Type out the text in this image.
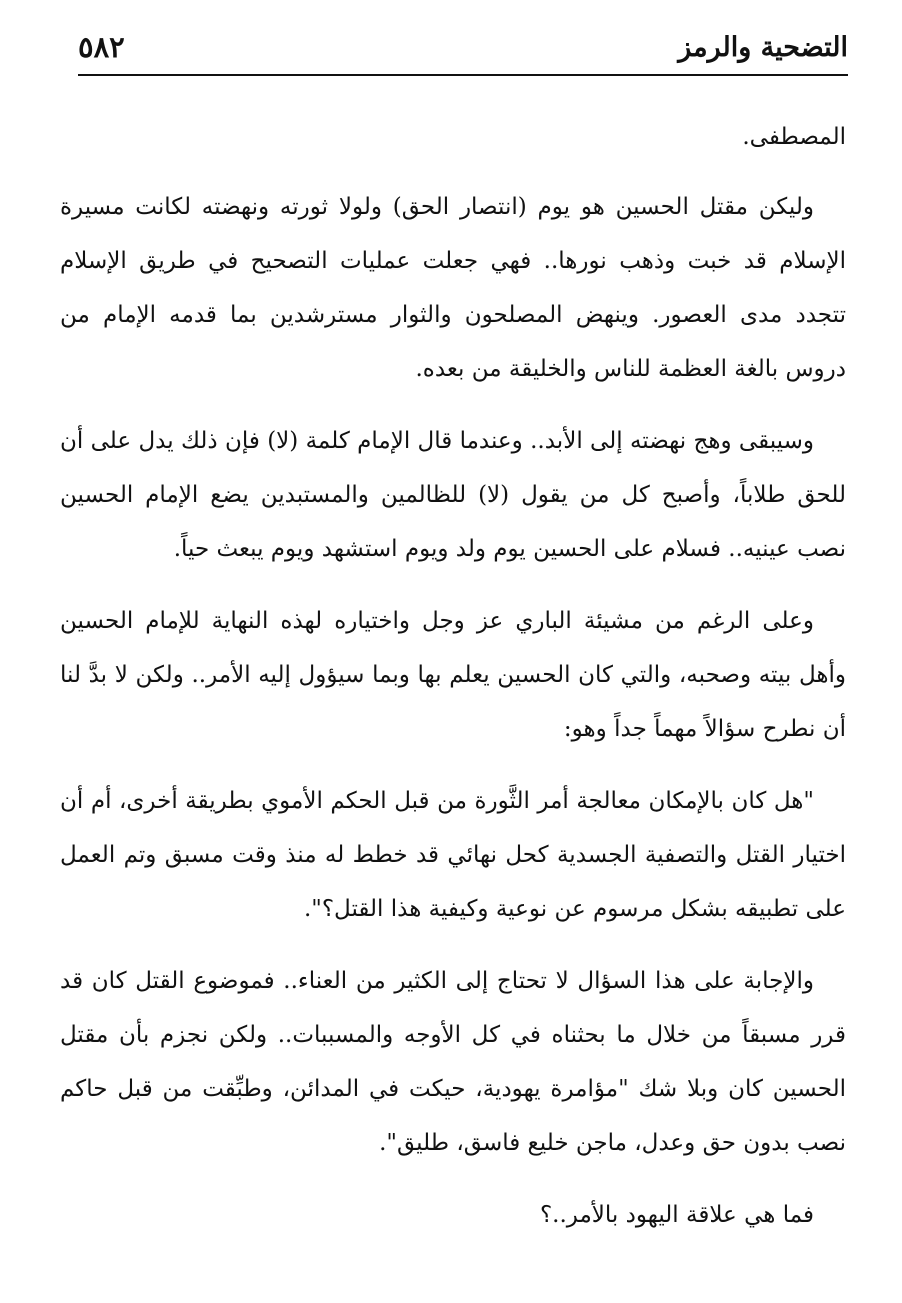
التضحية والرمز
٥٨٢

المصطفى.

وليكن مقتل الحسين هو يوم (انتصار الحق) ولولا ثورته ونهضته لكانت مسيرة الإسلام قد خبت وذهب نورها.. فهي جعلت عمليات التصحيح في طريق الإسلام تتجدد مدى العصور. وينهض المصلحون والثوار مسترشدين بما قدمه الإمام من دروس بالغة العظمة للناس والخليقة من بعده.

وسيبقى وهج نهضته إلى الأبد.. وعندما قال الإمام كلمة (لا) فإن ذلك يدل على أن للحق طلاباً، وأصبح كل من يقول (لا) للظالمين والمستبدين يضع الإمام الحسين نصب عينيه.. فسلام على الحسين يوم ولد ويوم استشهد ويوم يبعث حياً.

وعلى الرغم من مشيئة الباري عز وجل واختياره لهذه النهاية للإمام الحسين وأهل بيته وصحبه، والتي كان الحسين يعلم بها وبما سيؤول إليه الأمر.. ولكن لا بدَّ لنا أن نطرح سؤالاً مهماً جداً وهو:

"هل كان بالإمكان معالجة أمر الثَّورة من قبل الحكم الأموي بطريقة أخرى، أم أن اختيار القتل والتصفية الجسدية كحل نهائي قد خطط له منذ وقت مسبق وتم العمل على تطبيقه بشكل مرسوم عن نوعية وكيفية هذا القتل؟".

والإجابة على هذا السؤال لا تحتاج إلى الكثير من العناء.. فموضوع القتل كان قد قرر مسبقاً من خلال ما بحثناه في كل الأوجه والمسببات.. ولكن نجزم بأن مقتل الحسين كان وبلا شك "مؤامرة يهودية، حيكت في المدائن، وطبِّقت من قبل حاكم نصب بدون حق وعدل، ماجن خليع فاسق، طليق".

فما هي علاقة اليهود بالأمر..؟
